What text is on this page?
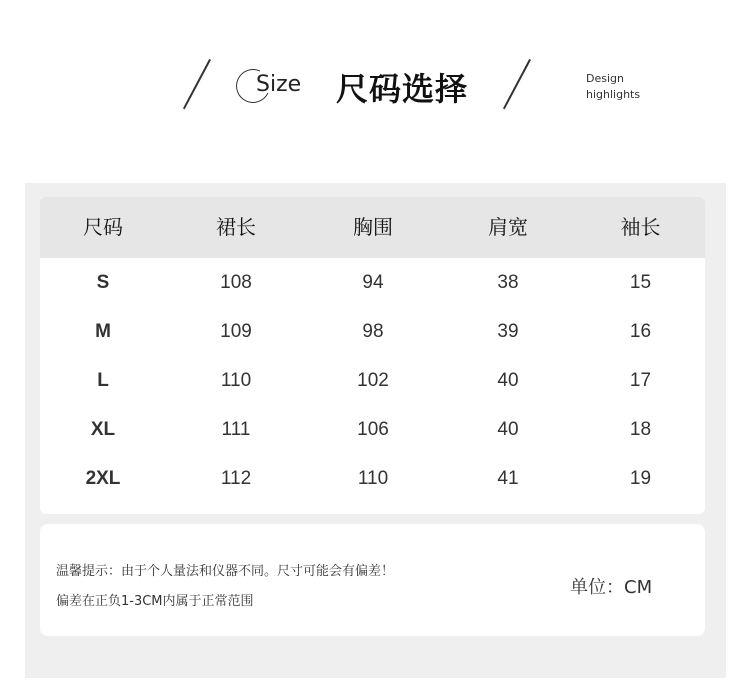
Size 尺码选择	Design
highlights
尺码	裙长	胸围	肩宽	袖长
S	108	94	38	15
M	109	98	39	16
L	110	102	40	17
XL	111	106	40	18
2XL	112	110	41	19
温馨提示：由于个人量法和仪器不同。尺寸可能会有偏差！
偏差在正负1-3CM内属于正常范围
单位：CM
